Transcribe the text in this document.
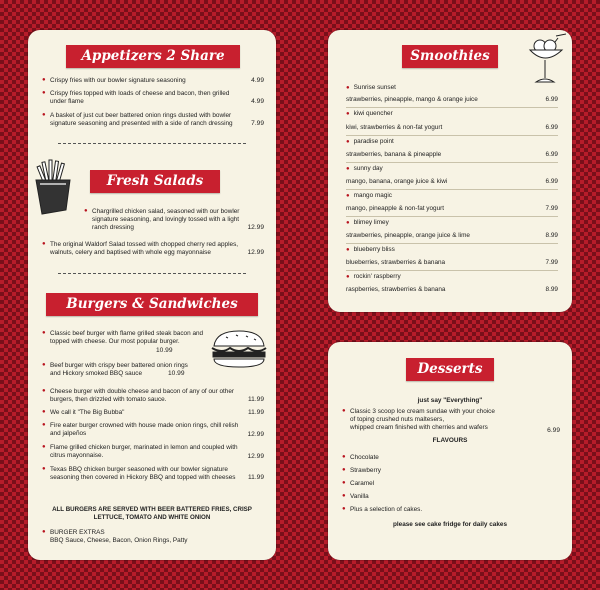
Appetizers 2 Share
● Crispy fries with our bowler signature seasoning	4.99
● Crispy fries topped with loads of cheese and bacon, then grilled under flame	4.99
● A basket of just cut beer battered onion rings dusted with bowler signature seasoning and presented with a side of ranch dressing	7.99
Fresh Salads
● Chargrilled chicken salad, seasoned with our bowler signature seasoning, and lovingly tossed with a light ranch dressing	12.99
● The original Waldorf Salad tossed with chopped cherry red apples, walnuts, celery and baptised with whole egg mayonnaise	12.99
Burgers & Sandwiches
● Classic beef burger with flame grilled steak bacon and topped with cheese. Our most popular burger.
10.99
● Beef burger with crispy beer battered onion rings and Hickory smoked BBQ sauce	10.99
● Cheese burger with double cheese and bacon of any of our other burgers, then drizzled with tomato sauce.	11.99
● We call it "The Big Bubba"	11.99
● Fire eater burger crowned with house made onion rings, chill relish and jalpeños	12.99
● Flame grilled chicken burger, marinated in lemon and coupled with citrus mayonnaise.	12.99
● Texas BBQ chicken burger seasoned with our bowler signature seasoning then covered in Hickory BBQ and topped with cheeses	11.99
ALL BURGERS ARE SERVED WITH BEER BATTERED FRIES, CRISP LETTUCE, TOMATO AND WHITE ONION
● BURGER EXTRAS
BBQ Sauce, Cheese, Bacon, Onion Rings, Patty
Smoothies
● Sunrise sunset
strawberries, pineapple, mango & orange juice	6.99
● kiwi quencher
kiwi, strawberries & non-fat yogurt	6.99
● paradise point
strawberries, banana & pineapple	6.99
● sunny day
mango, banana, orange juice & kiwi	6.99
● mango magic
mango, pineapple & non-fat yogurt	7.99
● blimey limey
strawberries, pineapple, orange juice & lime	8.99
● blueberry bliss
blueberries, strawberries & banana	7.99
● rockin' raspberry
raspberries, strawberries & banana	8.99
Desserts
just say "Everything"
● Classic 3 scoop Ice cream sundae with your choice
of toping crushed nuts maltesers,
whipped cream finished with cherries and wafers	6.99
FLAVOURS
● Chocolate
● Strawberry
● Caramel
● Vanilla
● Plus a selection of cakes.
please see cake fridge for daily cakes
